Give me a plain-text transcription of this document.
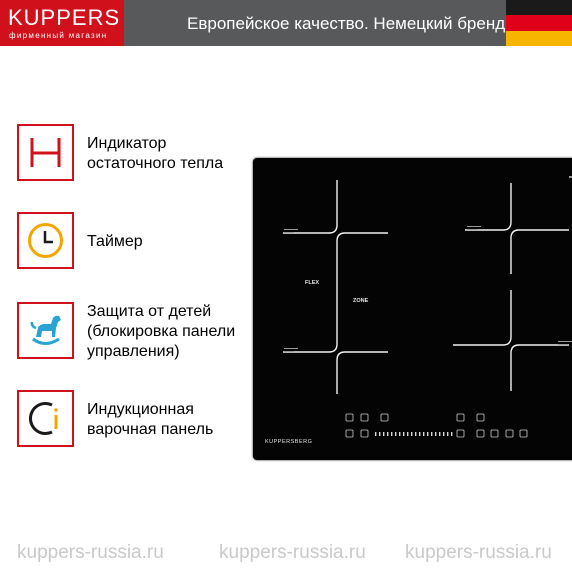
KUPPERS
фирменный магазин
Европейское качество. Немецкий бренд
Индикатор
остаточного тепла
Таймер
Защита от детей
(блокировка панели
управления)
Индукционная
варочная панель
FLEX
ZONE
KUPPERSBERG
kuppers-russia.ru	kuppers-russia.ru kuppers-russia.ru
